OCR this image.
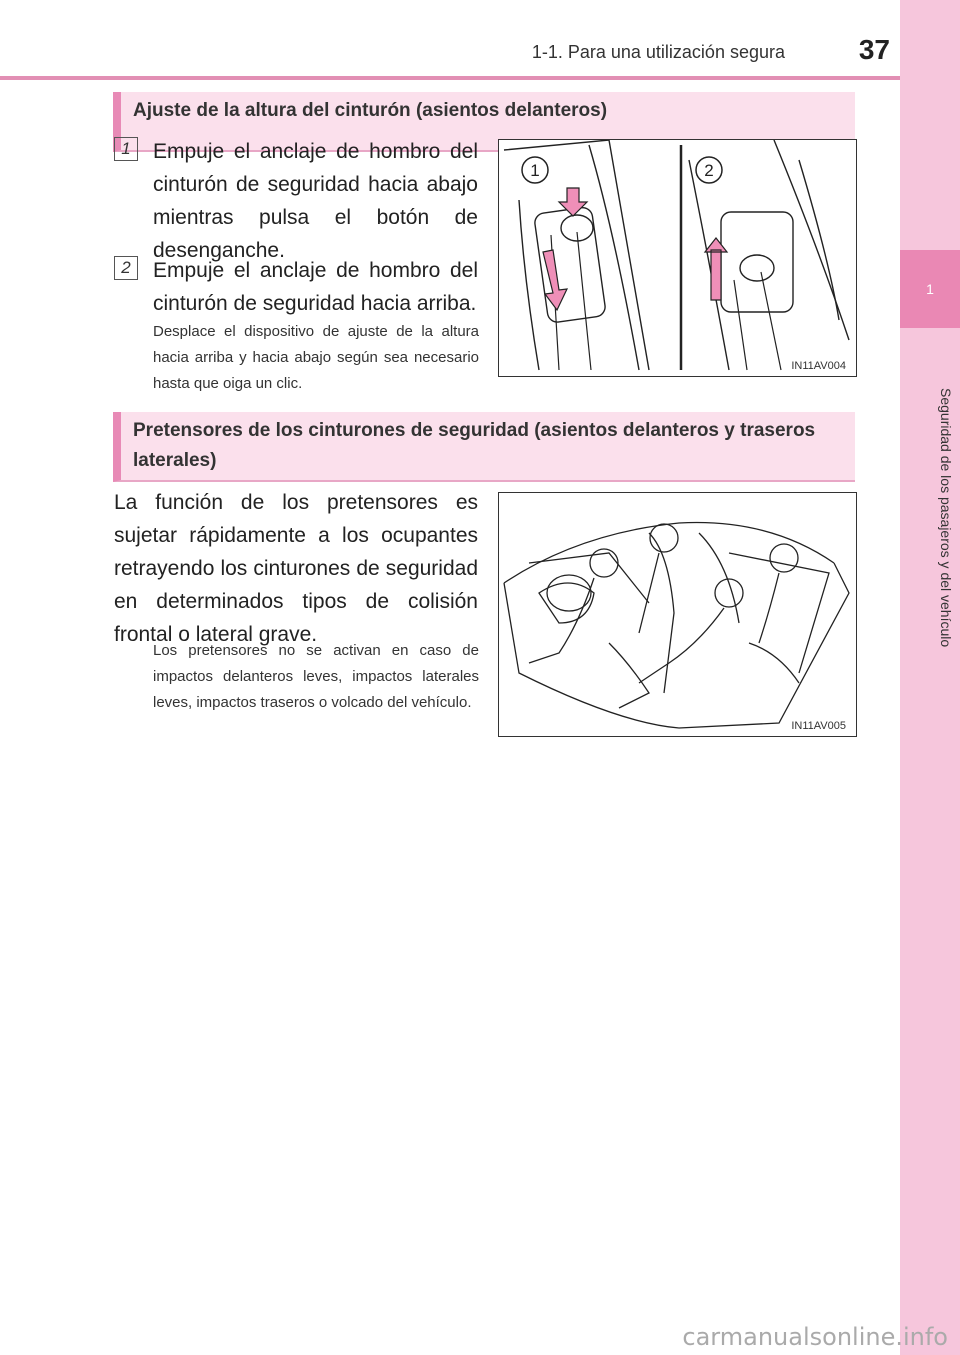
1-1. Para una utilización segura	37
1
Seguridad de los pasajeros y del vehículo
Ajuste de la altura del cinturón (asientos delanteros)
1	Empuje el anclaje de hombro del cinturón de seguridad hacia abajo mientras pulsa el botón de desenganche.
2	Empuje el anclaje de hombro del cinturón de seguridad hacia arriba.
Desplace el dispositivo de ajuste de la altura hacia arriba y hacia abajo según sea necesario hasta que oiga un clic.
1	2
IN11AV004
Pretensores de los cinturones de seguridad (asientos delanteros y traseros laterales)
La función de los pretensores es sujetar rápidamente a los ocupantes retrayendo los cinturones de seguridad en determinados tipos de colisión frontal o lateral grave.
Los pretensores no se activan en caso de impactos delanteros leves, impactos laterales leves, impactos traseros o volcado del vehículo.
IN11AV005
carmanualsonline.info
